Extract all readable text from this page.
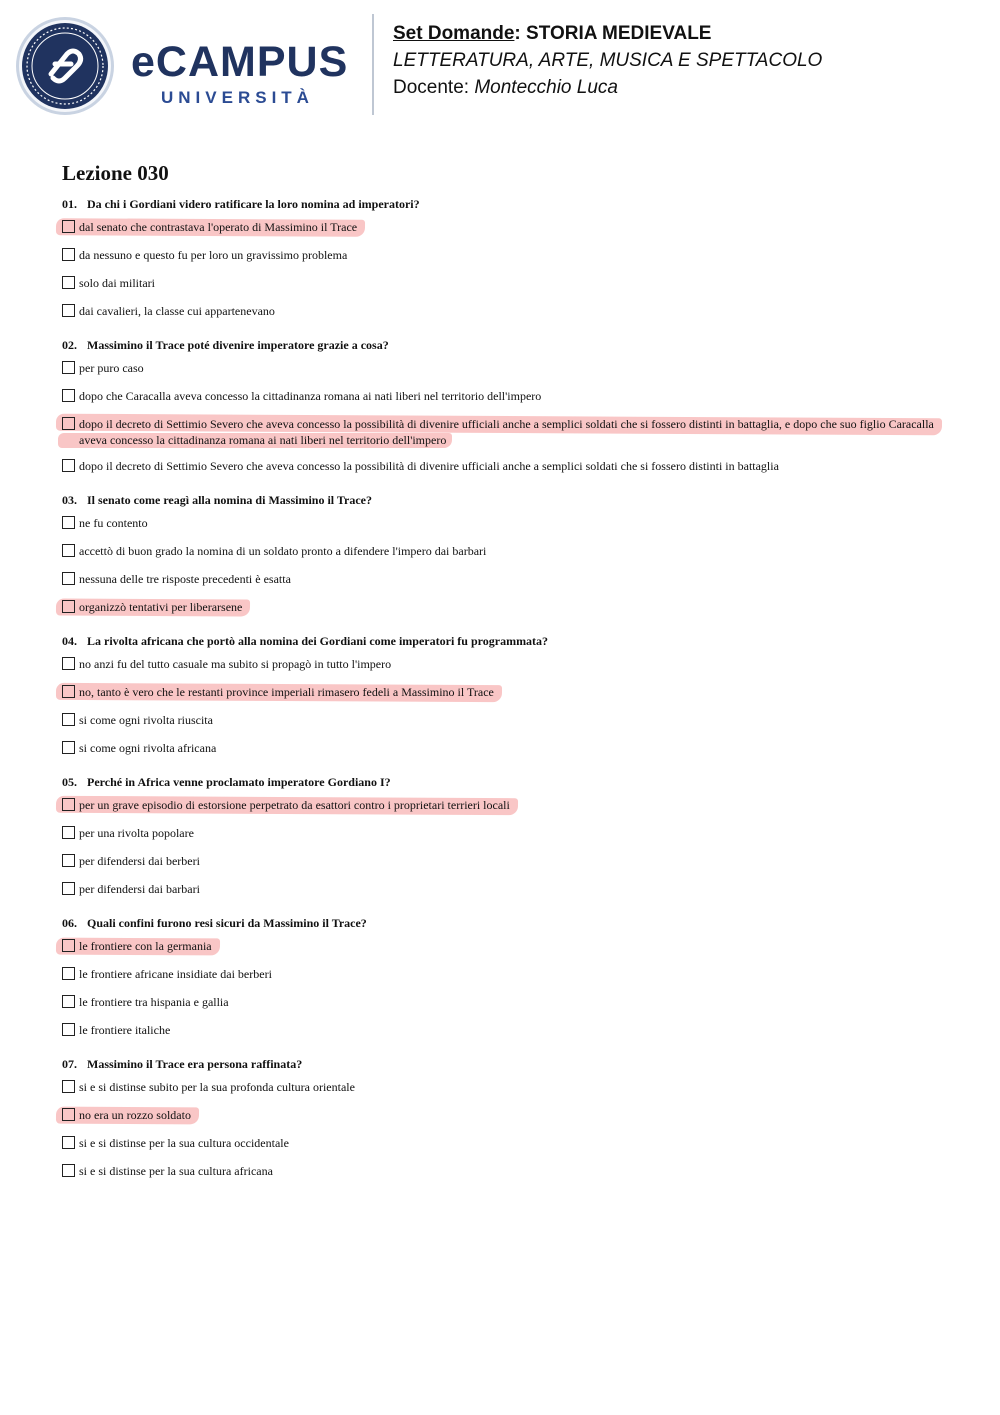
eCAMPUS
UNIVERSITÀ
Set Domande: STORIA MEDIEVALE
LETTERATURA, ARTE, MUSICA E SPETTACOLO
Docente: Montecchio Luca
Lezione 030
01. Da chi i Gordiani videro ratificare la loro nomina ad imperatori?
dal senato che contrastava l'operato di Massimino il Trace
da nessuno e questo fu per loro un gravissimo problema
solo dai militari
dai cavalieri, la classe cui appartenevano
02. Massimino il Trace poté divenire imperatore grazie a cosa?
per puro caso
dopo che Caracalla aveva concesso la cittadinanza romana ai nati liberi nel territorio dell'impero
dopo il decreto di Settimio Severo che aveva concesso la possibilità di divenire ufficiali anche a semplici soldati che si fossero distinti in battaglia, e dopo che suo figlio Caracalla aveva concesso la cittadinanza romana ai nati liberi nel territorio dell'impero
dopo il decreto di Settimio Severo che aveva concesso la possibilità di divenire ufficiali anche a semplici soldati che si fossero distinti in battaglia
03. Il senato come reagì alla nomina di Massimino il Trace?
ne fu contento
accettò di buon grado la nomina di un soldato pronto a difendere l'impero dai barbari
nessuna delle tre risposte precedenti è esatta
organizzò tentativi per liberarsene
04. La rivolta africana che portò alla nomina dei Gordiani come imperatori fu programmata?
no anzi fu del tutto casuale ma subito si propagò in tutto l'impero
no, tanto è vero che le restanti province imperiali rimasero fedeli a Massimino il Trace
si come ogni rivolta riuscita
si come ogni rivolta africana
05. Perché in Africa venne proclamato imperatore Gordiano I?
per un grave episodio di estorsione perpetrato da esattori contro i proprietari terrieri locali
per una rivolta popolare
per difendersi dai berberi
per difendersi dai barbari
06. Quali confini furono resi sicuri da Massimino il Trace?
le frontiere con la germania
le frontiere africane insidiate dai berberi
le frontiere tra hispania e gallia
le frontiere italiche
07. Massimino il Trace era persona raffinata?
si e si distinse subito per la sua profonda cultura orientale
no era un rozzo soldato
si e si distinse per la sua cultura occidentale
si e si distinse per la sua cultura africana
